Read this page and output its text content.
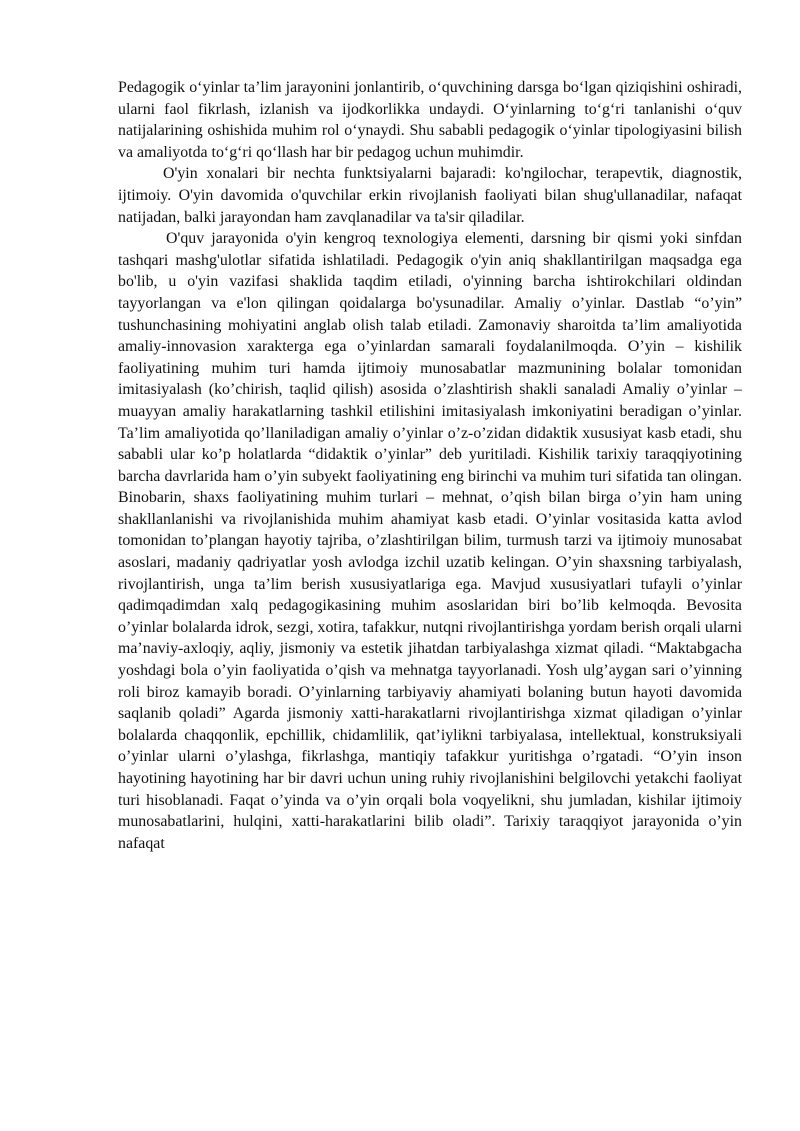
Pedagogik o‘yinlar ta’lim jarayonini jonlantirib, o‘quvchining darsga bo‘lgan qiziqishini oshiradi, ularni faol fikrlash, izlanish va ijodkorlikka undaydi. O‘yinlarning to‘g‘ri tanlanishi o‘quv natijalarining oshishida muhim rol o‘ynaydi. Shu sababli pedagogik o‘yinlar tipologiyasini bilish va amaliyotda to‘g‘ri qo‘llash har bir pedagog uchun muhimdir.

O'yin xonalari bir nechta funktsiyalarni bajaradi: ko'ngilochar, terapevtik, diagnostik, ijtimoiy. O'yin davomida o'quvchilar erkin rivojlanish faoliyati bilan shug'ullanadilar, nafaqat natijadan, balki jarayondan ham zavqlanadilar va ta'sir qiladilar.

O'quv jarayonida o'yin kengroq texnologiya elementi, darsning bir qismi yoki sinfdan tashqari mashg'ulotlar sifatida ishlatiladi. Pedagogik o'yin aniq shakllantirilgan maqsadga ega bo'lib, u o'yin vazifasi shaklida taqdim etiladi, o'yinning barcha ishtirokchilari oldindan tayyorlangan va e'lon qilingan qoidalarga bo'ysunadilar. Amaliy o’yinlar. Dastlab “o’yin” tushunchasining mohiyatini anglab olish talab etiladi. Zamonaviy sharoitda ta’lim amaliyotida amaliy-innovasion xarakterga ega o’yinlardan samarali foydalanilmoqda. O’yin – kishilik faoliyatining muhim turi hamda ijtimoiy munosabatlar mazmunining bolalar tomonidan imitasiyalash (ko’chirish, taqlid qilish) asosida o’zlashtirish shakli sanaladi Amaliy o’yinlar – muayyan amaliy harakatlarning tashkil etilishini imitasiyalash imkoniyatini beradigan o’yinlar. Ta’lim amaliyotida qo’llaniladigan amaliy o’yinlar o’z-o’zidan didaktik xususiyat kasb etadi, shu sababli ular ko’p holatlarda “didaktik o’yinlar” deb yuritiladi. Kishilik tarixiy taraqqiyotining barcha davrlarida ham o’yin subyekt faoliyatining eng birinchi va muhim turi sifatida tan olingan. Binobarin, shaxs faoliyatining muhim turlari – mehnat, o’qish bilan birga o’yin ham uning shakllanlanishi va rivojlanishida muhim ahamiyat kasb etadi. O’yinlar vositasida katta avlod tomonidan to’plangan hayotiy tajriba, o’zlashtirilgan bilim, turmush tarzi va ijtimoiy munosabat asoslari, madaniy qadriyatlar yosh avlodga izchil uzatib kelingan. O’yin shaxsning tarbiyalash, rivojlantirish, unga ta’lim berish xususiyatlariga ega. Mavjud xususiyatlari tufayli o’yinlar qadimqadimdan xalq pedagogikasining muhim asoslaridan biri bo’lib kelmoqda. Bevosita o’yinlar bolalarda idrok, sezgi, xotira, tafakkur, nutqni rivojlantirishga yordam berish orqali ularni ma’naviy-axloqiy, aqliy, jismoniy va estetik jihatdan tarbiyalashga xizmat qiladi. “Maktabgacha yoshdagi bola o’yin faoliyatida o’qish va mehnatga tayyorlanadi. Yosh ulg’aygan sari o’yinning roli biroz kamayib boradi. O’yinlarning tarbiyaviy ahamiyati bolaning butun hayoti davomida saqlanib qoladi” Agarda jismoniy xatti-harakatlarni rivojlantirishga xizmat qiladigan o’yinlar bolalarda chaqqonlik, epchillik, chidamlilik, qat’iylikni tarbiyalasa, intellektual, konstruksiyali o’yinlar ularni o’ylashga, fikrlashga, mantiqiy tafakkur yuritishga o’rgatadi. “O’yin inson hayotining hayotining har bir davri uchun uning ruhiy rivojlanishini belgilovchi yetakchi faoliyat turi hisoblanadi. Faqat o’yinda va o’yin orqali bola voqyelikni, shu jumladan, kishilar ijtimoiy munosabatlarini, hulqini, xatti-harakatlarini bilib oladi”. Tarixiy taraqqiyot jarayonida o’yin nafaqat
